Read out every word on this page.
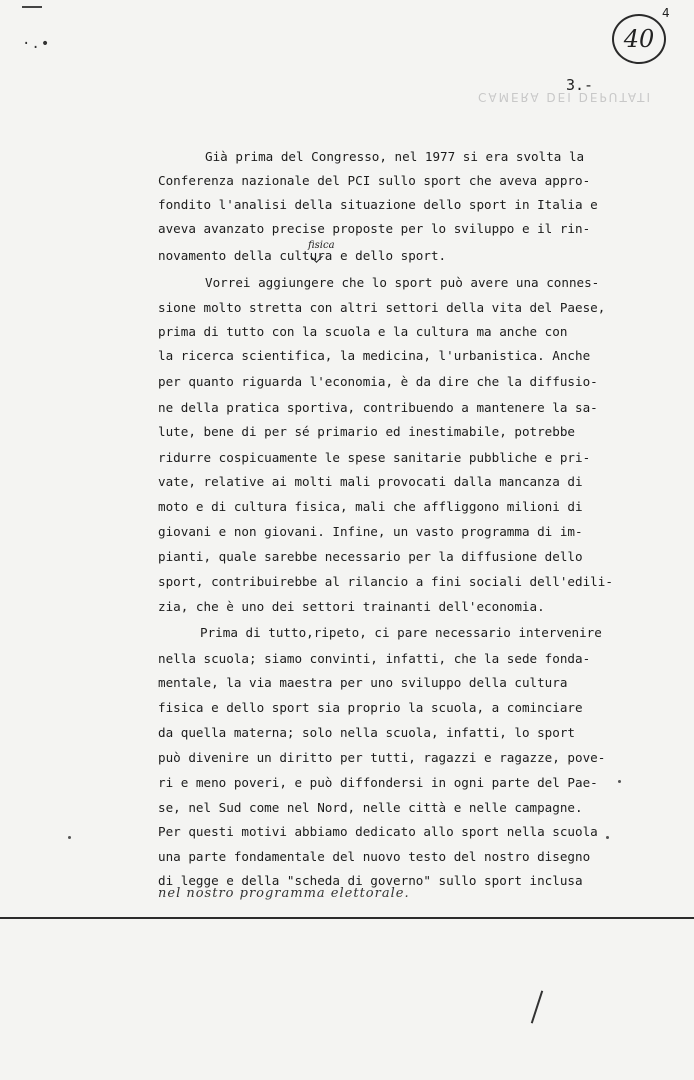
·.•
4
40
3.-
CAMERA DEI DEPUTATI
Già prima del Congresso, nel 1977 si era svolta la
Conferenza nazionale del PCI sullo sport che aveva appro-
fondito l'analisi della situazione dello sport in Italia e
aveva avanzato precise proposte per lo sviluppo e il rin-
novamento della cultura e dello sport.
Vorrei aggiungere che lo sport può avere una connes-
sione molto stretta con altri settori della vita del Paese,
prima di tutto con la scuola e la cultura ma anche con
la ricerca scientifica, la medicina, l'urbanistica. Anche
per quanto riguarda l'economia, è da dire che la diffusio-
ne della pratica sportiva, contribuendo a mantenere la sa-
lute, bene di per sé primario ed inestimabile, potrebbe
ridurre cospicuamente le spese sanitarie pubbliche e pri-
vate, relative ai molti mali provocati dalla mancanza di
moto e di cultura fisica, mali che affliggono milioni di
giovani e non giovani. Infine, un vasto programma di im-
pianti, quale sarebbe necessario per la diffusione dello
sport, contribuirebbe al rilancio a fini sociali dell'edili-
zia, che è uno dei settori trainanti dell'economia.
Prima di tutto,ripeto, ci pare necessario intervenire
nella scuola; siamo convinti, infatti, che la sede fonda-
mentale, la via maestra per uno sviluppo della cultura
fisica e dello sport sia proprio la scuola, a cominciare
da quella materna; solo nella scuola, infatti, lo sport
può divenire un diritto per tutti, ragazzi e ragazze, pove-
ri e meno poveri, e può diffondersi in ogni parte del Pae-
se, nel Sud come nel Nord, nelle città e nelle campagne.
Per questi motivi abbiamo dedicato allo sport nella scuola
una parte fondamentale del nuovo testo del nostro disegno
di legge e della "scheda di governo" sullo sport inclusa
fisica
nel nostro programma elettorale.
